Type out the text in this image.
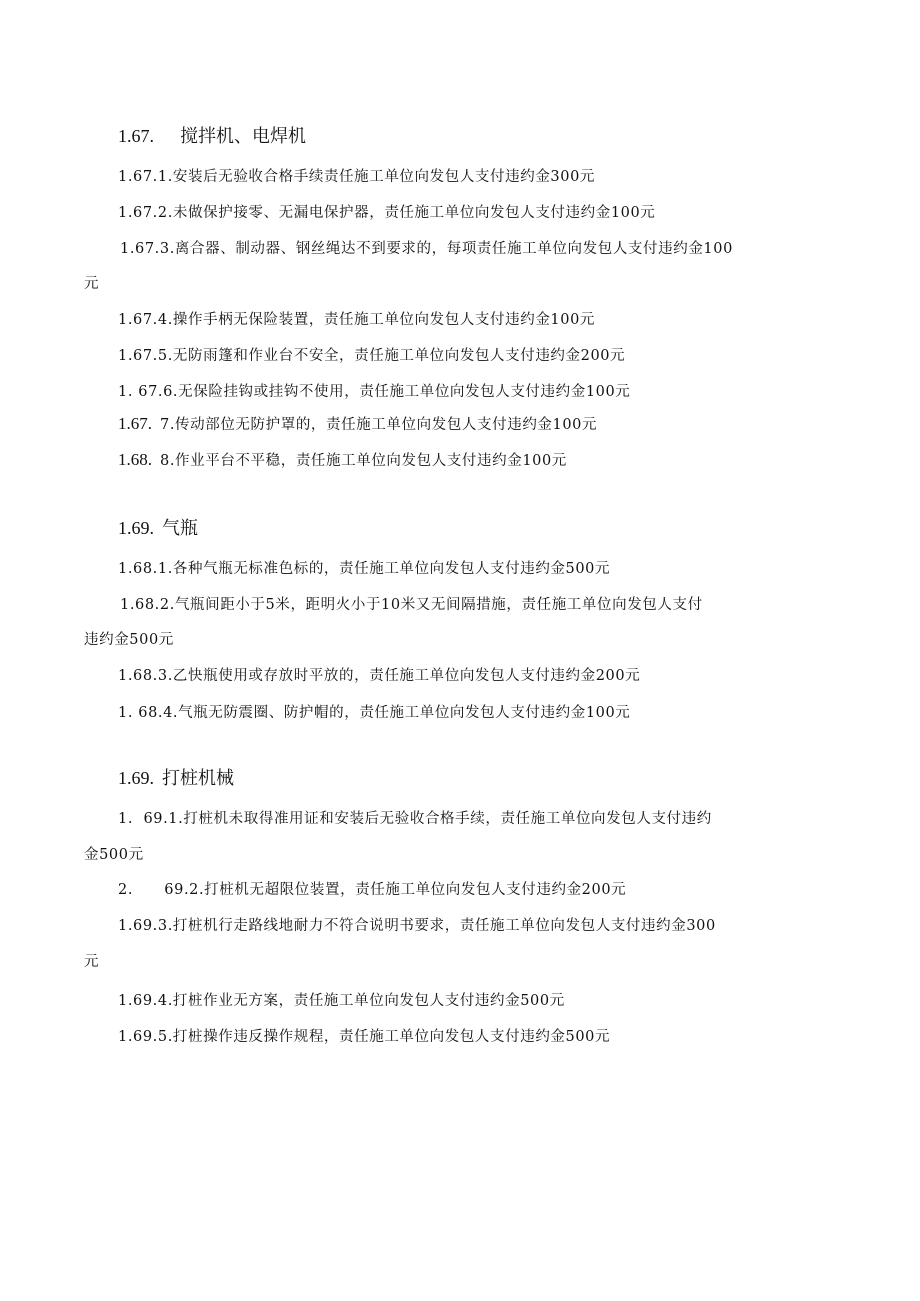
1.67. 搅拌机、电焊机
1.67.1.安装后无验收合格手续责任施工单位向发包人支付违约金300元
1.67.2.未做保护接零、无漏电保护器，责任施工单位向发包人支付违约金100元
1.67.3.离合器、制动器、钢丝绳达不到要求的，每项责任施工单位向发包人支付违约金100
元
1.67.4.操作手柄无保险装置，责任施工单位向发包人支付违约金100元
1.67.5.无防雨篷和作业台不安全，责任施工单位向发包人支付违约金200元
1. 67.6.无保险挂钩或挂钩不使用，责任施工单位向发包人支付违约金100元
1.67. 7.传动部位无防护罩的，责任施工单位向发包人支付违约金100元
1.68. 8.作业平台不平稳，责任施工单位向发包人支付违约金100元
1.69. 气瓶
1.68.1.各种气瓶无标准色标的，责任施工单位向发包人支付违约金500元
1.68.2.气瓶间距小于5米，距明火小于10米又无间隔措施，责任施工单位向发包人支付
违约金500元
1.68.3.乙快瓶使用或存放时平放的，责任施工单位向发包人支付违约金200元
1. 68.4.气瓶无防震圈、防护帽的，责任施工单位向发包人支付违约金100元
1.69. 打桩机械
1.  69.1.打桩机未取得准用证和安装后无验收合格手续，责任施工单位向发包人支付违约
金500元
2.      69.2.打桩机无超限位装置，责任施工单位向发包人支付违约金200元
1.69.3.打桩机行走路线地耐力不符合说明书要求，责任施工单位向发包人支付违约金300
元
1.69.4.打桩作业无方案，责任施工单位向发包人支付违约金500元
1.69.5.打桩操作违反操作规程，责任施工单位向发包人支付违约金500元
